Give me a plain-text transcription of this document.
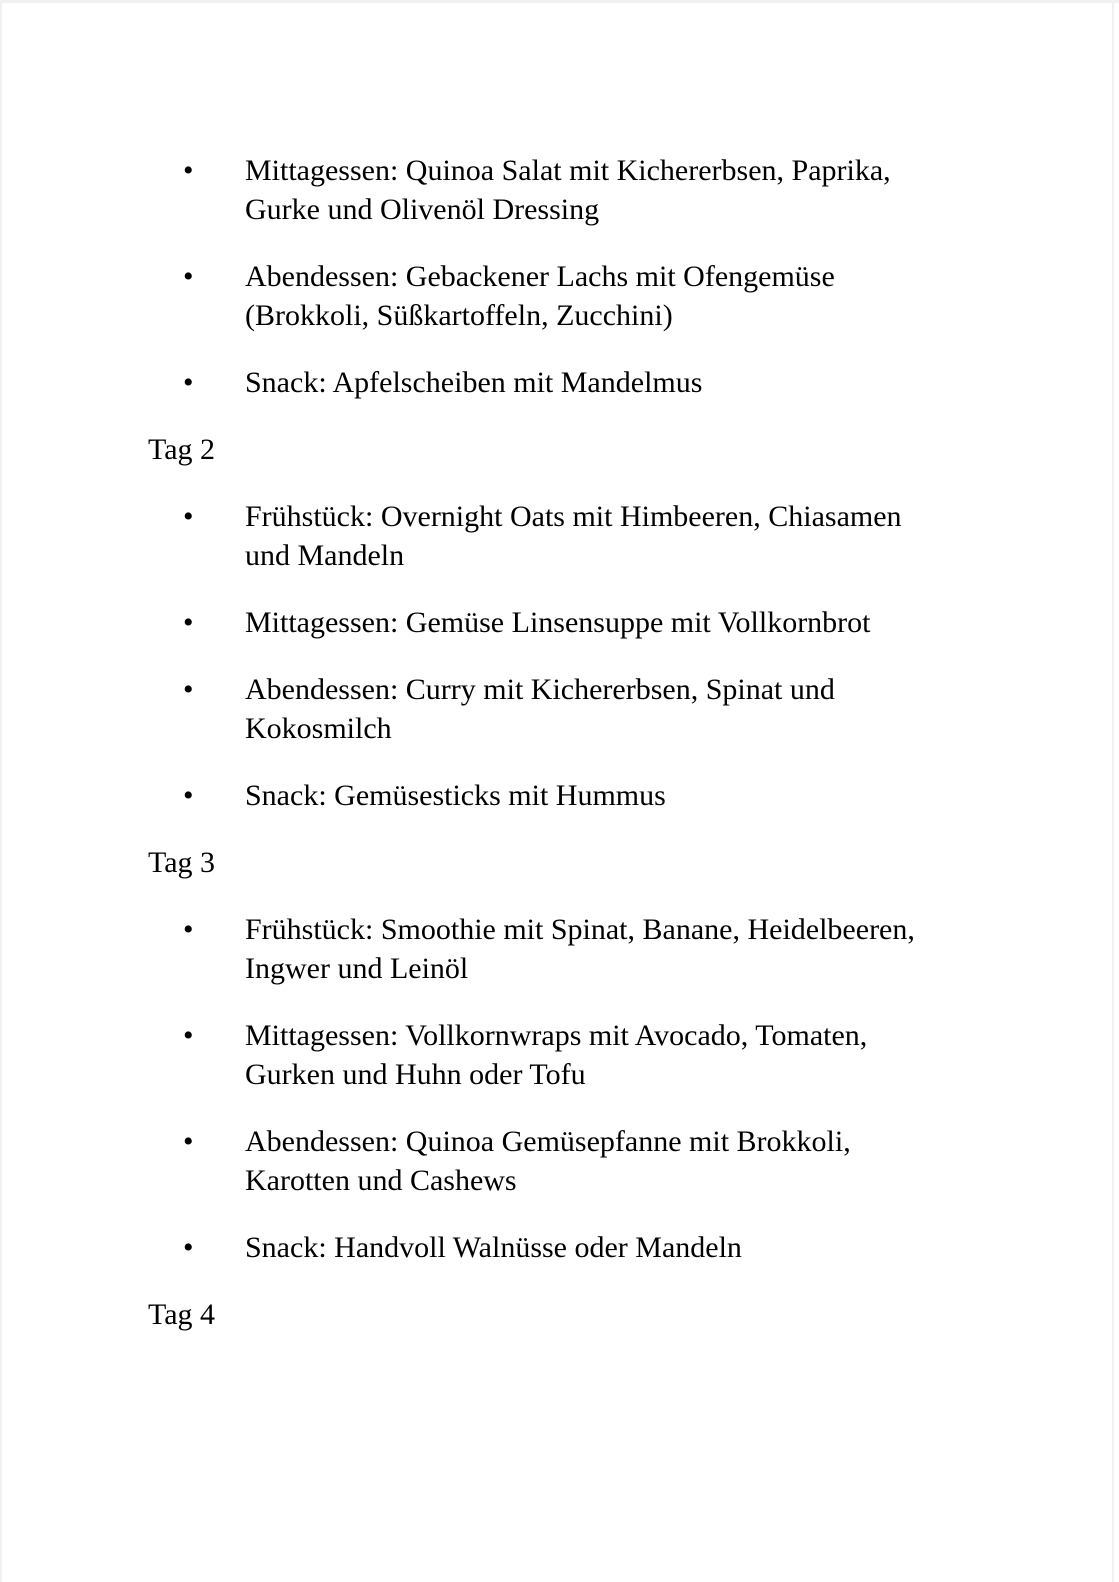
•	Mittagessen: Quinoa Salat mit Kichererbsen, Paprika,
Gurke und Olivenöl Dressing
•	Abendessen: Gebackener Lachs mit Ofengemüse
(Brokkoli, Süßkartoffeln, Zucchini)
•	Snack: Apfelscheiben mit Mandelmus
Tag 2
•	Frühstück: Overnight Oats mit Himbeeren, Chiasamen
und Mandeln
•	Mittagessen: Gemüse Linsensuppe mit Vollkornbrot
•	Abendessen: Curry mit Kichererbsen, Spinat und
Kokosmilch
•	Snack: Gemüsesticks mit Hummus
Tag 3
•	Frühstück: Smoothie mit Spinat, Banane, Heidelbeeren,
Ingwer und Leinöl
•	Mittagessen: Vollkornwraps mit Avocado, Tomaten,
Gurken und Huhn oder Tofu
•	Abendessen: Quinoa Gemüsepfanne mit Brokkoli,
Karotten und Cashews
•	Snack: Handvoll Walnüsse oder Mandeln
Tag 4
